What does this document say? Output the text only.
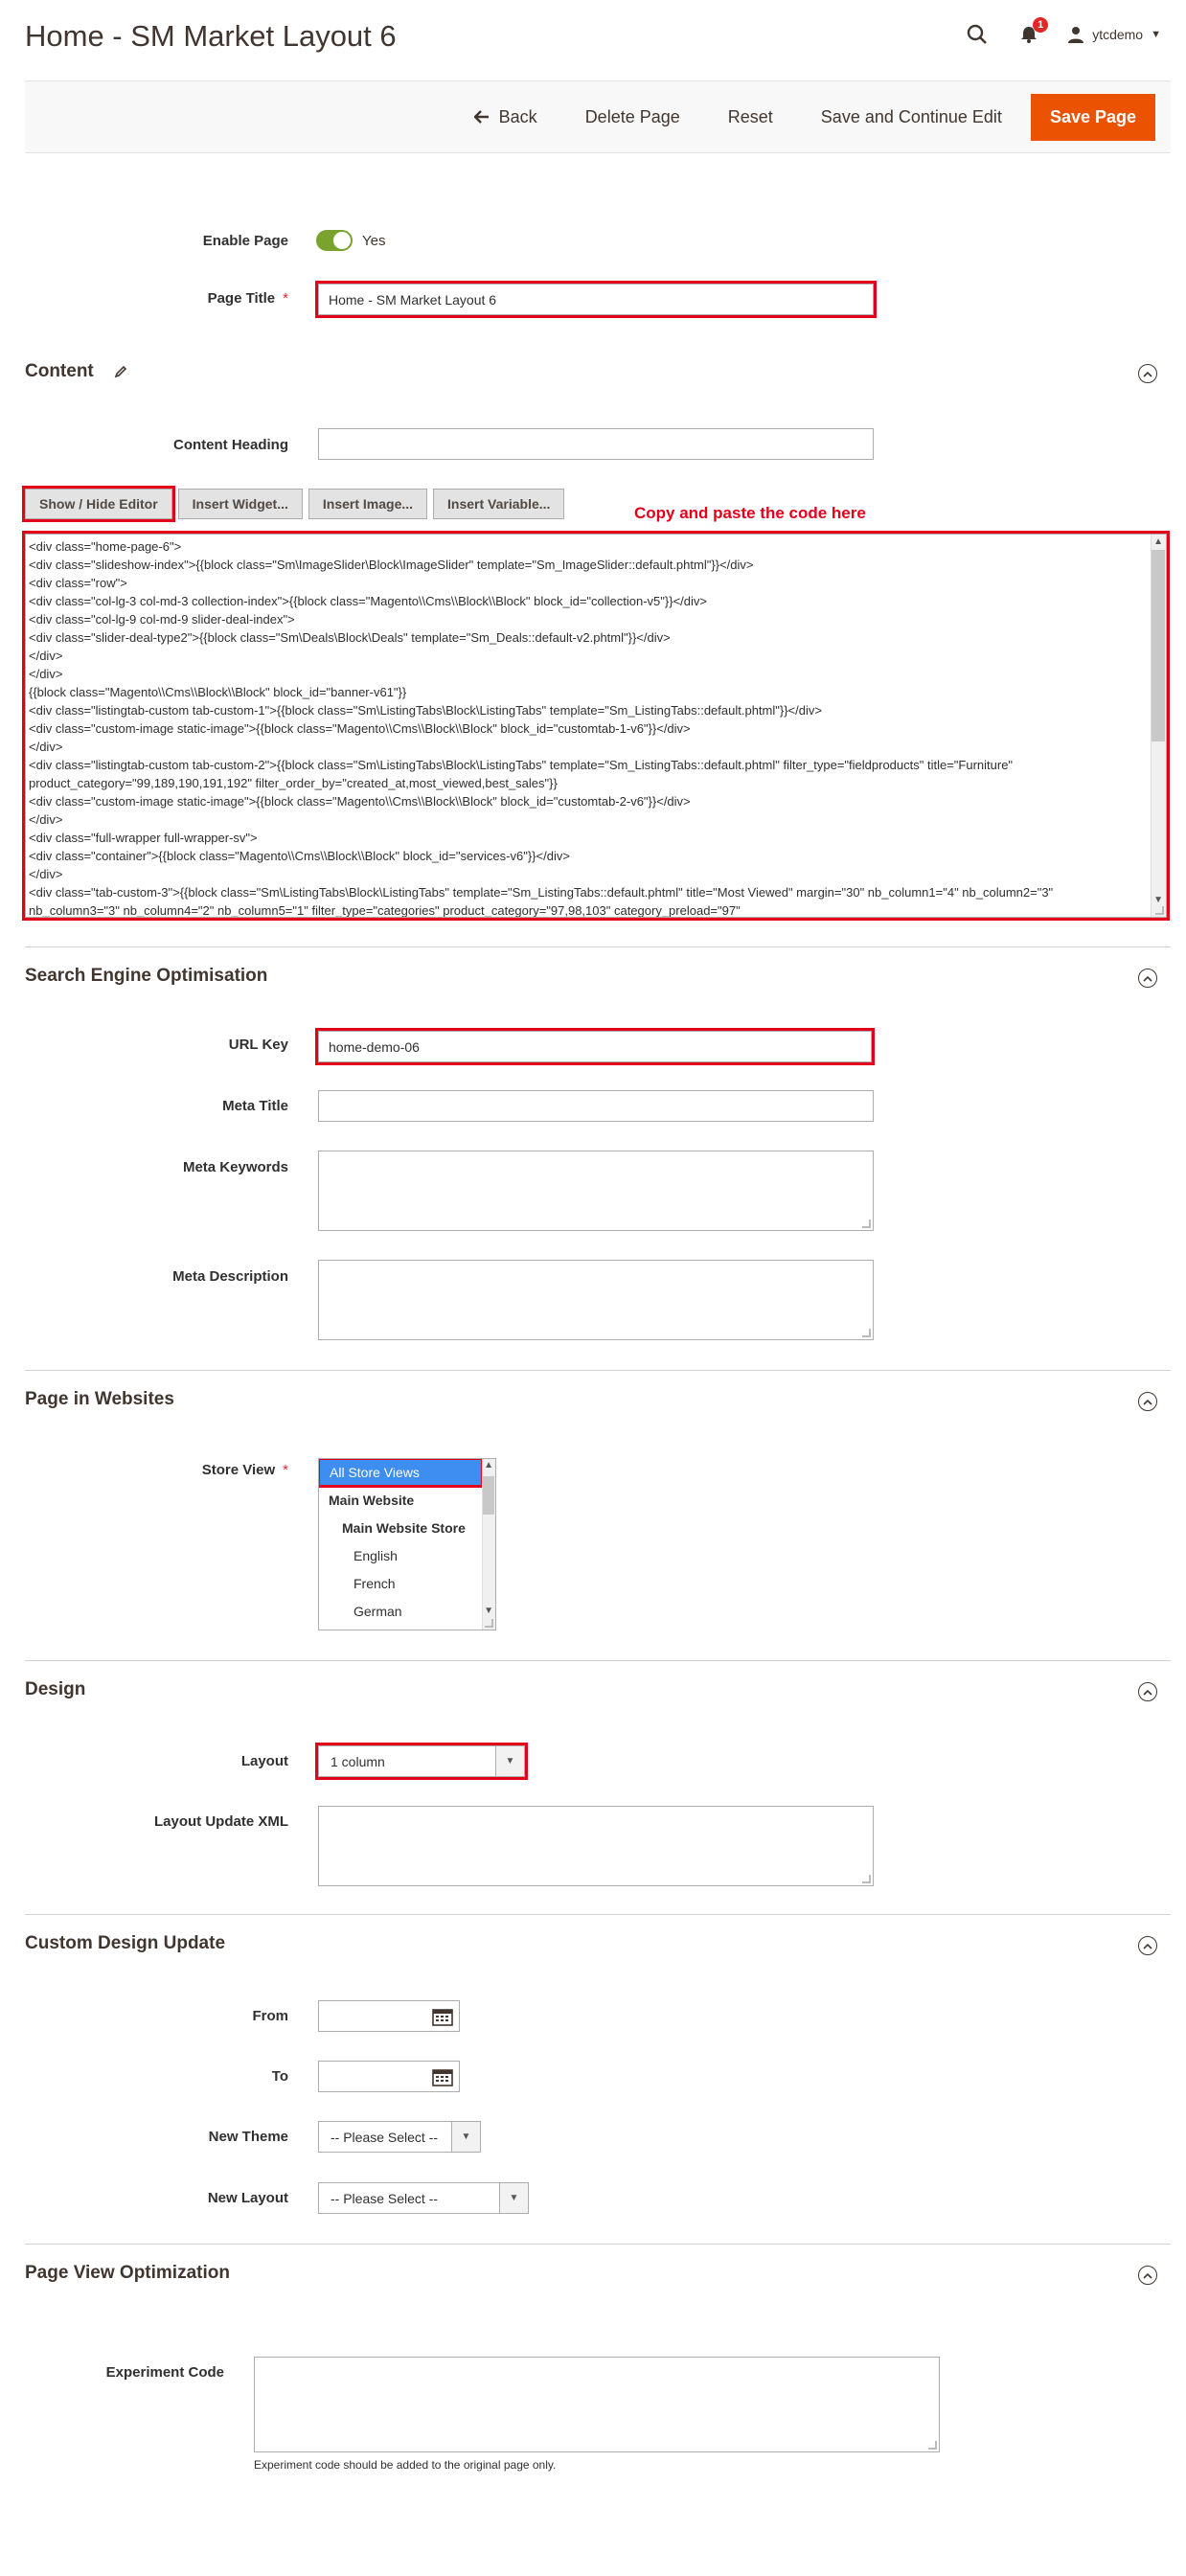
Home - SM Market Layout 6	1
ytcdemo ▼
Back	Delete Page	Reset	Save and Continue Edit	Save Page
Enable Page	Yes
Page Title *	Home - SM Market Layout 6
Content
Content Heading
Show / Hide Editor	Insert Widget...	Insert Image...	Insert Variable...	Copy and paste the code here
<div class="home-page-6">
<div class="slideshow-index">{{block class="Sm\ImageSlider\Block\ImageSlider" template="Sm_ImageSlider::default.phtml"}}</div>
<div class="row">
<div class="col-lg-3 col-md-3 collection-index">{{block class="Magento\\Cms\\Block\\Block" block_id="collection-v5"}}</div>
<div class="col-lg-9 col-md-9 slider-deal-index">
<div class="slider-deal-type2">{{block class="Sm\Deals\Block\Deals" template="Sm_Deals::default-v2.phtml"}}</div>
</div>
</div>
{{block class="Magento\\Cms\\Block\\Block" block_id="banner-v61"}}
<div class="listingtab-custom tab-custom-1">{{block class="Sm\ListingTabs\Block\ListingTabs" template="Sm_ListingTabs::default.phtml"}}</div>
<div class="custom-image static-image">{{block class="Magento\\Cms\\Block\\Block" block_id="customtab-1-v6"}}</div>
</div>
<div class="listingtab-custom tab-custom-2">{{block class="Sm\ListingTabs\Block\ListingTabs" template="Sm_ListingTabs::default.phtml" filter_type="fieldproducts" title="Furniture" product_category="99,189,190,191,192" filter_order_by="created_at,most_viewed,best_sales"}}
<div class="custom-image static-image">{{block class="Magento\\Cms\\Block\\Block" block_id="customtab-2-v6"}}</div>
</div>
<div class="full-wrapper full-wrapper-sv">
<div class="container">{{block class="Magento\\Cms\\Block\\Block" block_id="services-v6"}}</div>
</div>
<div class="tab-custom-3">{{block class="Sm\ListingTabs\Block\ListingTabs" template="Sm_ListingTabs::default.phtml" title="Most Viewed" margin="30" nb_column1="4" nb_column2="3" nb_column3="3" nb_column4="2" nb_column5="1" filter_type="categories" product_category="97,98,103" category_preload="97"
▲
▼
Search Engine Optimisation
URL Key	home-demo-06
Meta Title
Meta Keywords
Meta Description
Page in Websites
Store View *	All Store Views
Main Website
Main Website Store
English
French
German
▲
▼
Design
Layout	1 column	▼
Layout Update XML
Custom Design Update
From
To
New Theme	-- Please Select --	▼
New Layout	-- Please Select --	▼
Page View Optimization
Experiment Code
Experiment code should be added to the original page only.
